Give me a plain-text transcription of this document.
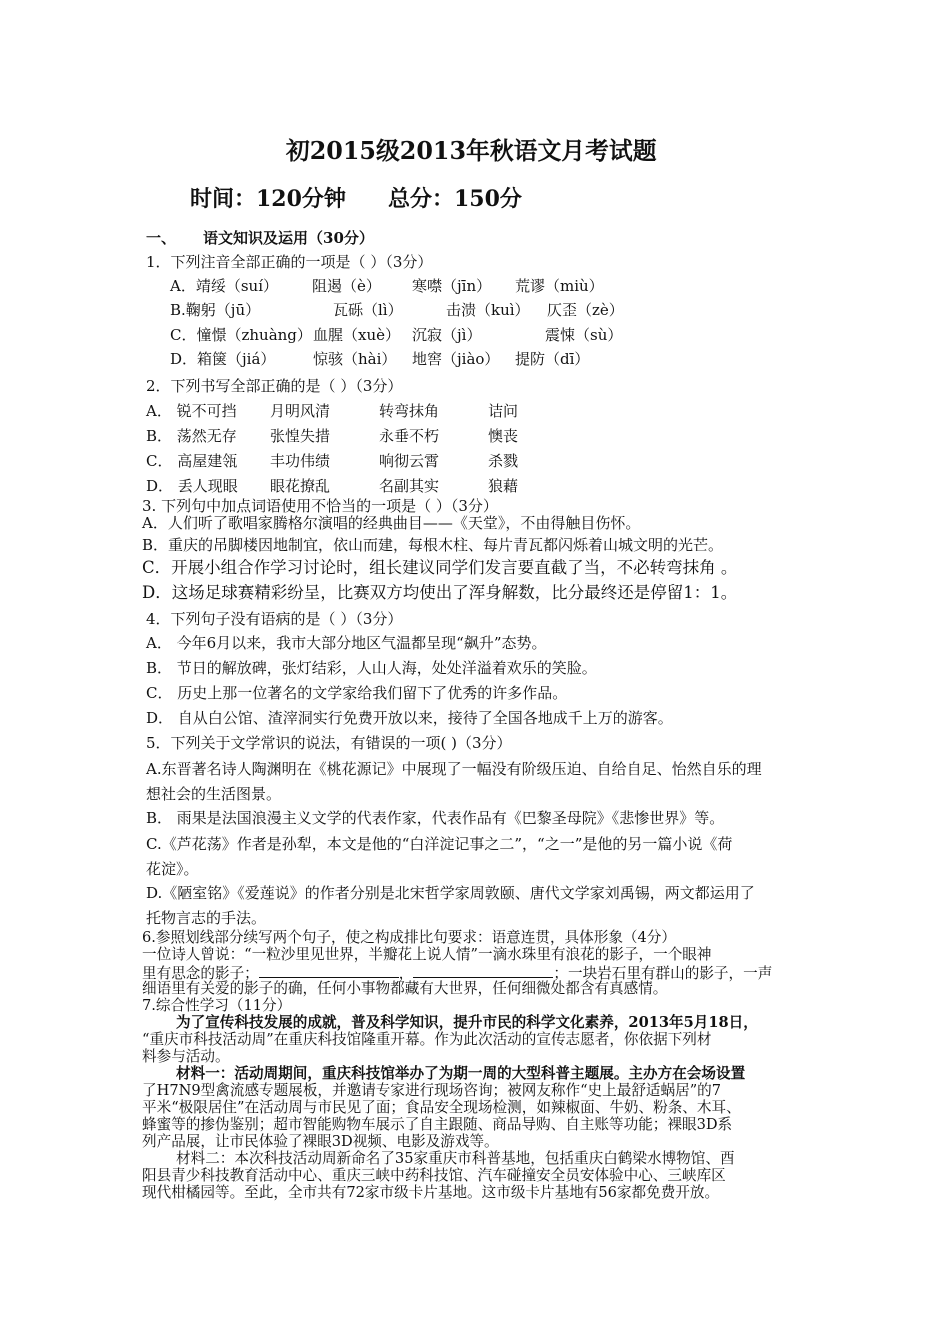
初2015级2013年秋语文月考试题
时间：120分钟 总分：150分
一、 语文知识及运用（30分）
1．下列注音全部正确的一项是（ ）（3分）
A．靖绥（suí） 阻遏（è） 寒噤（jīn） 荒谬（miù）
B.鞠躬（jū）	瓦砾（lì）	击溃（kuì） 仄歪（zè）
C．憧憬（zhuàng） 血腥（xuè） 沉寂（jì）	震悚（sù）
D．箱箧（jiá）	惊骇（hài） 地窖（jiào） 提防（dī）
2．下列书写全部正确的是（ ）（3分）
A． 锐不可挡 月明风清	转弯抹角	诘问
B． 荡然无存 张惶失措	永垂不朽	懊丧
C． 高屋建瓴 丰功伟绩	响彻云霄	杀戮
D． 丢人现眼 眼花撩乱	名副其实	狼藉
3. 下列句中加点词语使用不恰当的一项是（ ）（3分）
A．人们听了歌唱家腾格尔演唱的经典曲目——《天堂》，不由得触目伤怀。
B．重庆的吊脚楼因地制宜，依山而建，每根木柱、每片青瓦都闪烁着山城文明的光芒。
C．开展小组合作学习讨论时，组长建议同学们发言要直截了当，不必转弯抹角 。
D．这场足球赛精彩纷呈，比赛双方均使出了浑身解数，比分最终还是停留1：1。
4．下列句子没有语病的是（ ）（3分）
A． 今年6月以来，我市大部分地区气温都呈现“飙升”态势。
B． 节日的解放碑，张灯结彩，人山人海，处处洋溢着欢乐的笑脸。
C． 历史上那一位著名的文学家给我们留下了优秀的许多作品。
D． 自从白公馆、渣滓洞实行免费开放以来，接待了全国各地成千上万的游客。
5．下列关于文学常识的说法，有错误的一项( )（3分）
A.东晋著名诗人陶渊明在《桃花源记》中展现了一幅没有阶级压迫、自给自足、怡然自乐的理
想社会的生活图景。
B． 雨果是法国浪漫主义文学的代表作家，代表作品有《巴黎圣母院》《悲惨世界》等。
C.《芦花荡》作者是孙犁，本文是他的“白洋淀记事之二”，“之一”是他的另一篇小说《荷
花淀》。
D.《陋室铭》《爱莲说》的作者分别是北宋哲学家周敦颐、唐代文学家刘禹锡，两文都运用了
托物言志的手法。
6.参照划线部分续写两个句子，使之构成排比句要求：语意连贯，具体形象（4分）
一位诗人曾说：“一粒沙里见世界，半瓣花上说人情”一滴水珠里有浪花的影子，一个眼神
里有思念的影子；	，	；一块岩石里有群山的影子，一声
细语里有关爱的影子的确，任何小事物都藏有大世界，任何细微处都含有真感情。
7.综合性学习（11分）
为了宣传科技发展的成就，普及科学知识，提升市民的科学文化素养，2013年5月18日，
“重庆市科技活动周”在重庆科技馆隆重开幕。作为此次活动的宣传志愿者，你依据下列材
料参与活动。
材料一：活动周期间，重庆科技馆举办了为期一周的大型科普主题展。主办方在会场设置
了H7N9型禽流感专题展板，并邀请专家进行现场咨询；被网友称作“史上最舒适蜗居”的7
平米“极限居住”在活动周与市民见了面；食品安全现场检测，如辣椒面、牛奶、粉条、木耳、
蜂蜜等的掺伪鉴别；超市智能购物车展示了自主跟随、商品导购、自主账等功能；裸眼3D系
列产品展，让市民体验了裸眼3D视频、电影及游戏等。
材料二：本次科技活动周新命名了35家重庆市科普基地，包括重庆白鹤梁水博物馆、酉
阳县青少科技教育活动中心、重庆三峡中药科技馆、汽车碰撞安全员安体验中心、三峡库区
现代柑橘园等。至此，全市共有72家市级卡片基地。这市级卡片基地有56家都免费开放。
